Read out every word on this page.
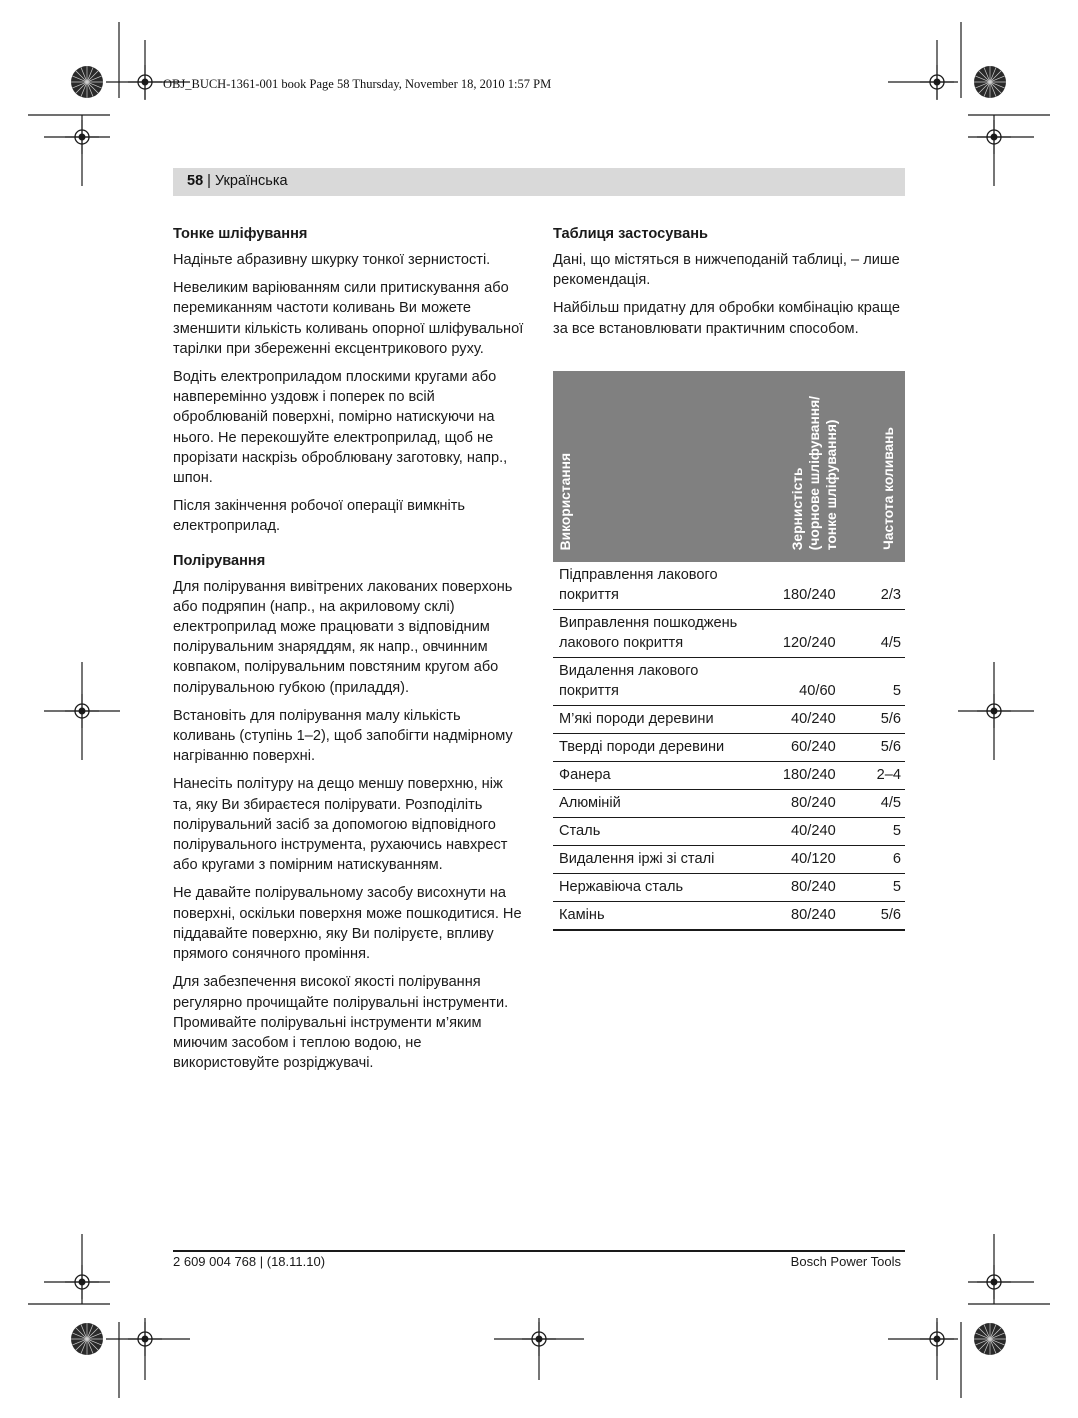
OBJ_BUCH-1361-001 book Page 58 Thursday, November 18, 2010 1:57 PM
58 | Українська
Тонке шліфування

Надіньте абразивну шкурку тонкої зернистості.

Невеликим варіюванням сили притискування або перемиканням частоти коливань Ви можете зменшити кількість коливань опорної шліфувальної тарілки при збереженні ексцентрикового руху.

Водіть електроприладом плоскими кругами або навперемінно уздовж і поперек по всій оброблюваній поверхні, помірно натискуючи на нього. Не перекошуйте електроприлад, щоб не прорізати наскрізь оброблювану заготовку, напр., шпон.

Після закінчення робочої операції вимкніть електроприлад.

Полірування

Для полірування вивітрених лакованих поверхонь або подряпин (напр., на акриловому склі) електроприлад може працювати з відповідним полірувальним знаряддям, як напр., овчинним ковпаком, полірувальним повстяним кругом або полірувальною губкою (приладдя).

Встановіть для полірування малу кількість коливань (ступінь 1–2), щоб запобігти надмірному нагріванню поверхні.

Нанесіть політуру на дещо меншу поверхню, ніж та, яку Ви збираєтеся полірувати. Розподіліть полірувальний засіб за допомогою відповідного полірувального інструмента, рухаючись навхрест або кругами з помірним натискуванням.

Не давайте полірувальному засобу висохнути на поверхні, оскільки поверхня може пошкодитися. Не піддавайте поверхню, яку Ви поліруєте, впливу прямого сонячного проміння.

Для забезпечення високої якості полірування регулярно прочищайте полірувальні інструменти. Промивайте полірувальні інструменти м’яким миючим засобом і теплою водою, не використовуйте розріджувачі.

Таблиця застосувань

Дані, що містяться в нижчеподаній таблиці, – лише рекомендація.

Найбільш придатну для обробки комбінацію краще за все встановлювати практичним способом.

Використання	Зернистість (чорнове шліфування/ тонке шліфування)	Частота коливань
Підправлення лакового покриття	180/240	2/3
Виправлення пошкоджень лакового покриття	120/240	4/5
Видалення лакового покриття	40/60	5
М’які породи деревини	40/240	5/6
Тверді породи деревини	60/240	5/6
Фанера	180/240	2–4
Алюміній	80/240	4/5
Сталь	40/240	5
Видалення іржі зі сталі	40/120	6
Нержавіюча сталь	80/240	5
Камінь	80/240	5/6
2 609 004 768 | (18.11.10)	Bosch Power Tools
